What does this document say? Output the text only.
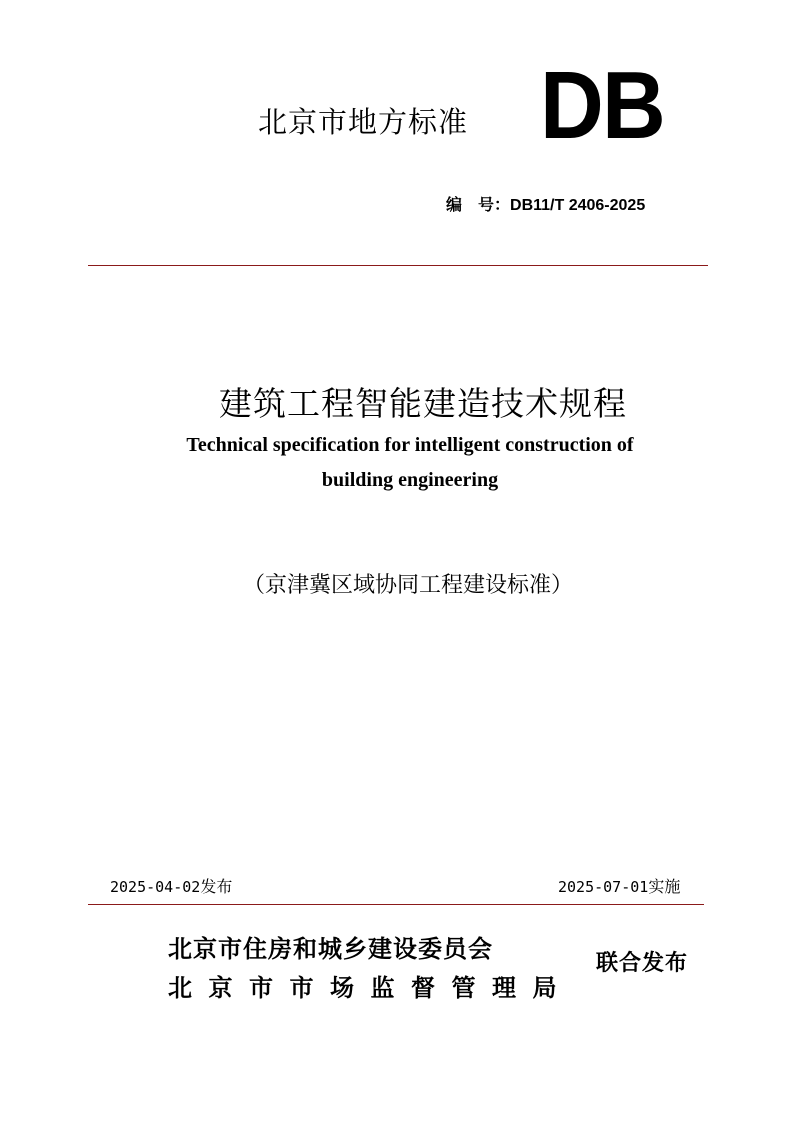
北京市地方标准 DB
编　号：DB11/T 2406-2025
建筑工程智能建造技术规程
Technical specification for intelligent construction of
building engineering
（京津冀区域协同工程建设标准）
2025-04-02发布	2025-07-01实施
北京市住房和城乡建设委员会
北京市市场监督管理局
联合发布
